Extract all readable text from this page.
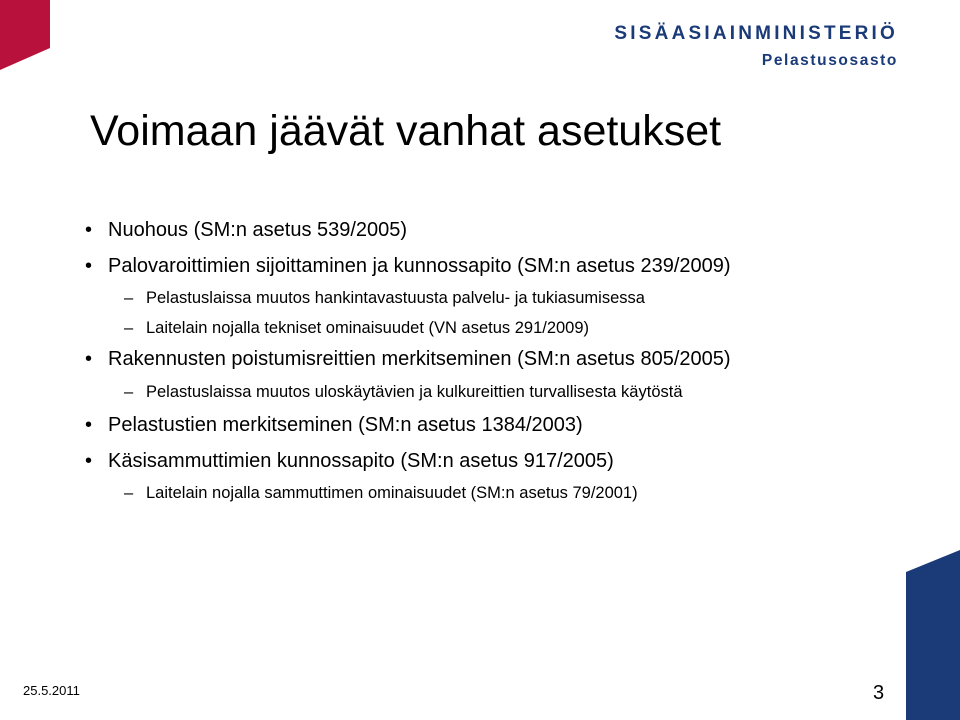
SISÄASIAINMINISTERIÖ
Pelastusosasto
Voimaan jäävät vanhat asetukset
• Nuohous (SM:n asetus 539/2005)
• Palovaroittimien sijoittaminen ja kunnossapito (SM:n asetus 239/2009)
– Pelastuslaissa muutos hankintavastuusta palvelu- ja tukiasumisessa
– Laitelain nojalla tekniset ominaisuudet (VN asetus 291/2009)
• Rakennusten poistumisreittien merkitseminen (SM:n asetus 805/2005)
– Pelastuslaissa muutos uloskäytävien ja kulkureittien turvallisesta käytöstä
• Pelastustien merkitseminen (SM:n asetus 1384/2003)
• Käsisammuttimien kunnossapito (SM:n asetus 917/2005)
– Laitelain nojalla sammuttimen ominaisuudet (SM:n asetus 79/2001)
25.5.2011	3
